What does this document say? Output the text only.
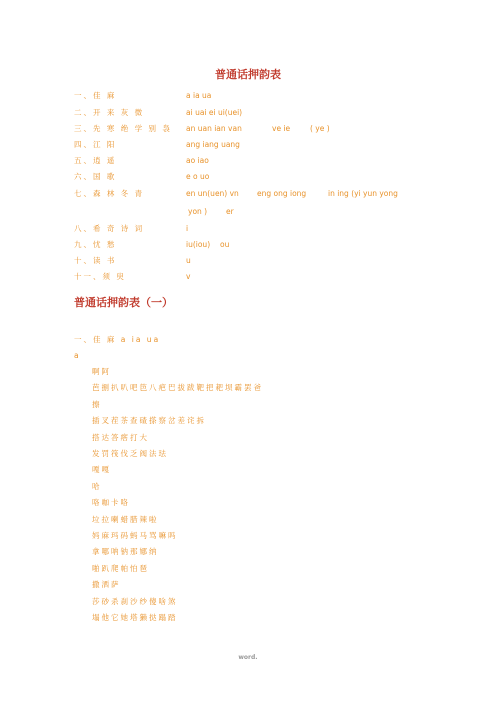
普通话押韵表
一、佳 麻	a ia ua
二、开 来 灰 微	ai uai ei ui(uei)
三、先 寒 绝 学 别 袅 an uan ian van	ve ie	( ye )
四、江 阳	ang iang uang
五、逍 遥	ao iao
六、国 歌	e o uo
七、森 林 冬 青	en un(uen) vn eng ong iong	in ing (yi yun yong
yon )	er
八、希 奇 诗 词	i
九、忧 愁	iu(iou) ou
十、读 书	u
十一、须 臾	v
普通话押韵表（一）
一、佳 麻 a ia ua
a
啊阿
芭捌扒叭吧笆八疤巴拔跋靶把耙坝霸罢爸
擦
插叉茬茶查碴搽察岔差诧拆
搭达答瘩打大
发罚筏伐乏阀法珐
嘎嘎
哈
咯咖卡咯
垃拉喇蜡腊辣啦
妈麻玛码蚂马骂嘛吗
拿哪呐钠那娜纳
啪趴爬帕怕琶
撒洒萨
莎砂杀刹沙纱傻啥煞
塌他它她塔獭挞蹋踏
word.
